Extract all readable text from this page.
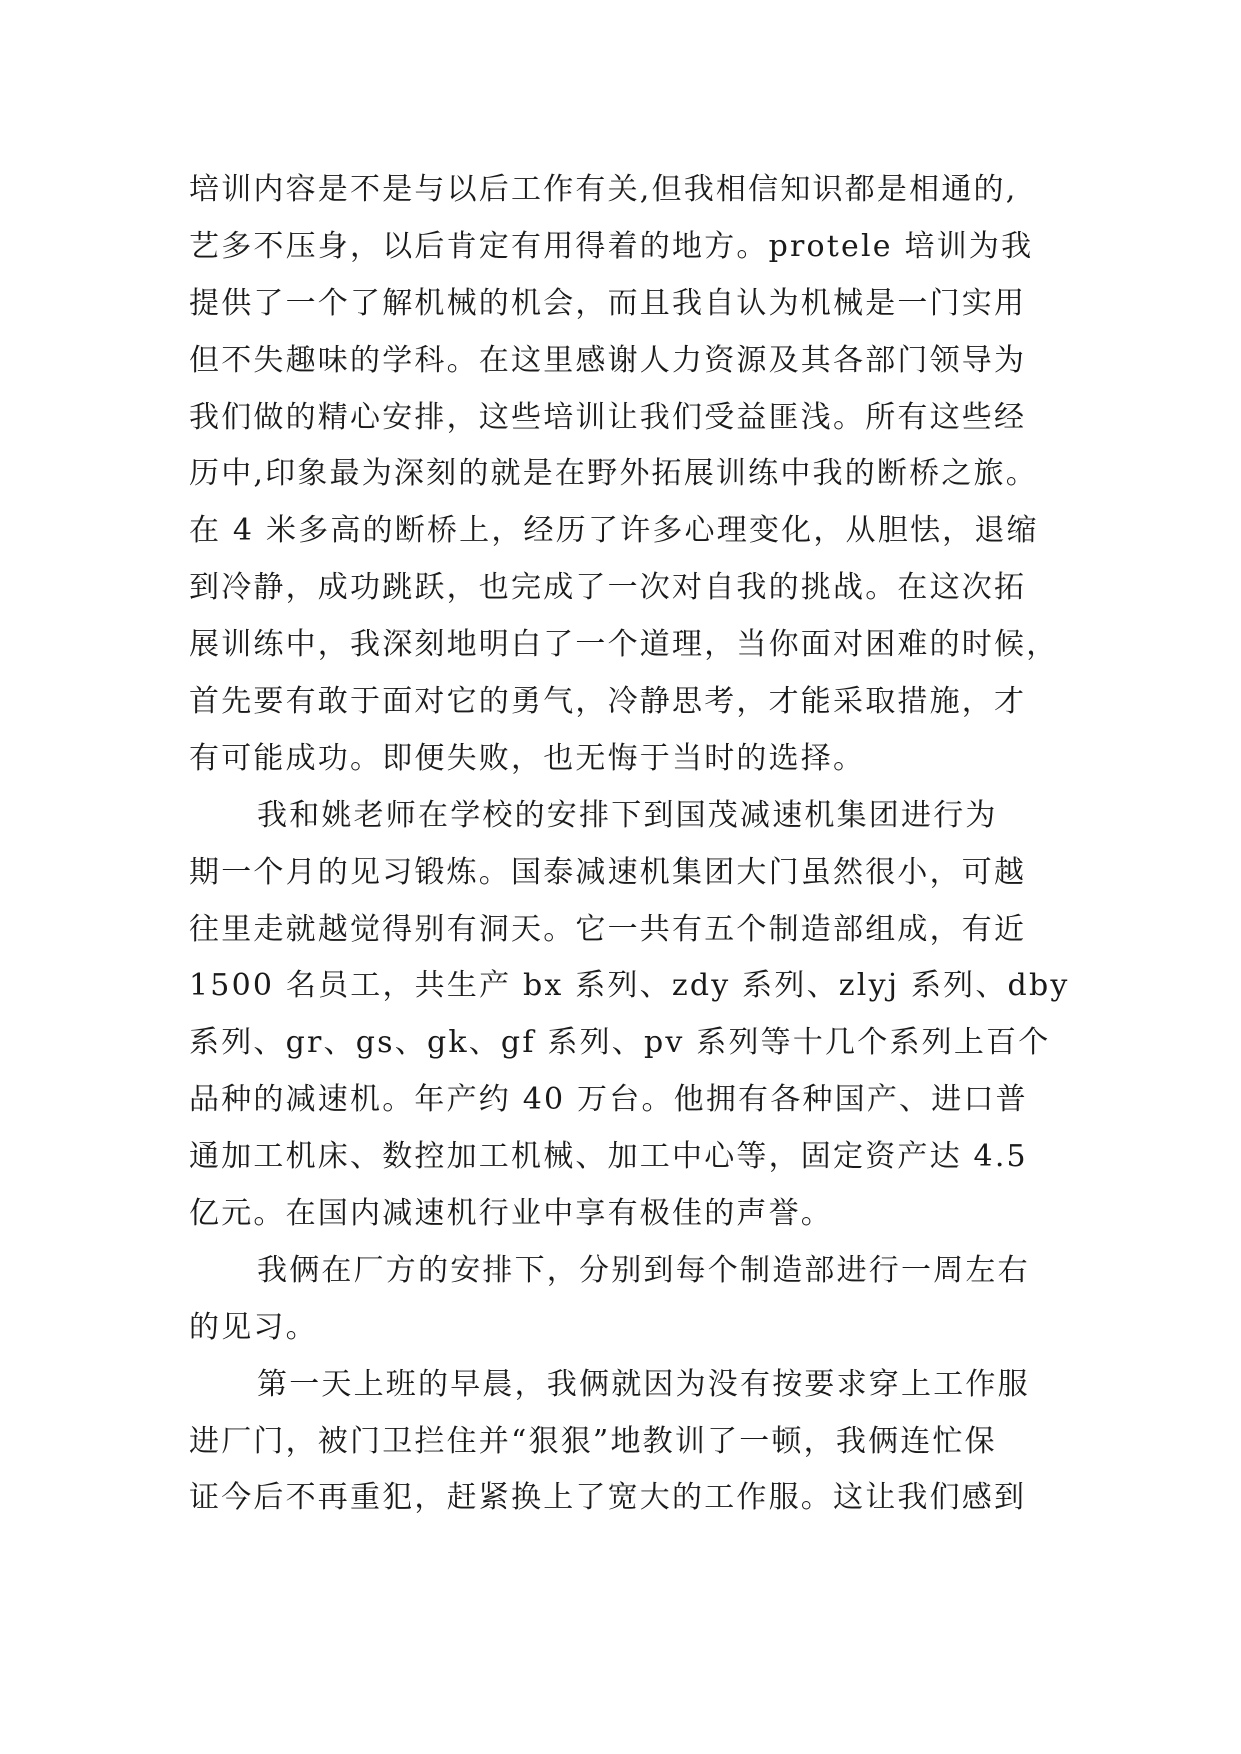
培训内容是不是与以后工作有关,但我相信知识都是相通的,
艺多不压身，以后肯定有用得着的地方。protele 培训为我
提供了一个了解机械的机会，而且我自认为机械是一门实用
但不失趣味的学科。在这里感谢人力资源及其各部门领导为
我们做的精心安排，这些培训让我们受益匪浅。所有这些经
历中,印象最为深刻的就是在野外拓展训练中我的断桥之旅。
在 4 米多高的断桥上，经历了许多心理变化，从胆怯，退缩
到冷静，成功跳跃，也完成了一次对自我的挑战。在这次拓
展训练中，我深刻地明白了一个道理，当你面对困难的时候，
首先要有敢于面对它的勇气，冷静思考，才能采取措施，才
有可能成功。即便失败，也无悔于当时的选择。
我和姚老师在学校的安排下到国茂减速机集团进行为
期一个月的见习锻炼。国泰减速机集团大门虽然很小，可越
往里走就越觉得别有洞天。它一共有五个制造部组成，有近
1500 名员工，共生产 bx 系列、zdy 系列、zlyj 系列、dby
系列、gr、gs、gk、gf 系列、pv 系列等十几个系列上百个
品种的减速机。年产约 40 万台。他拥有各种国产、进口普
通加工机床、数控加工机械、加工中心等，固定资产达 4.5
亿元。在国内减速机行业中享有极佳的声誉。
我俩在厂方的安排下，分别到每个制造部进行一周左右
的见习。
第一天上班的早晨，我俩就因为没有按要求穿上工作服
进厂门，被门卫拦住并“狠狠”地教训了一顿，我俩连忙保
证今后不再重犯，赶紧换上了宽大的工作服。这让我们感到
